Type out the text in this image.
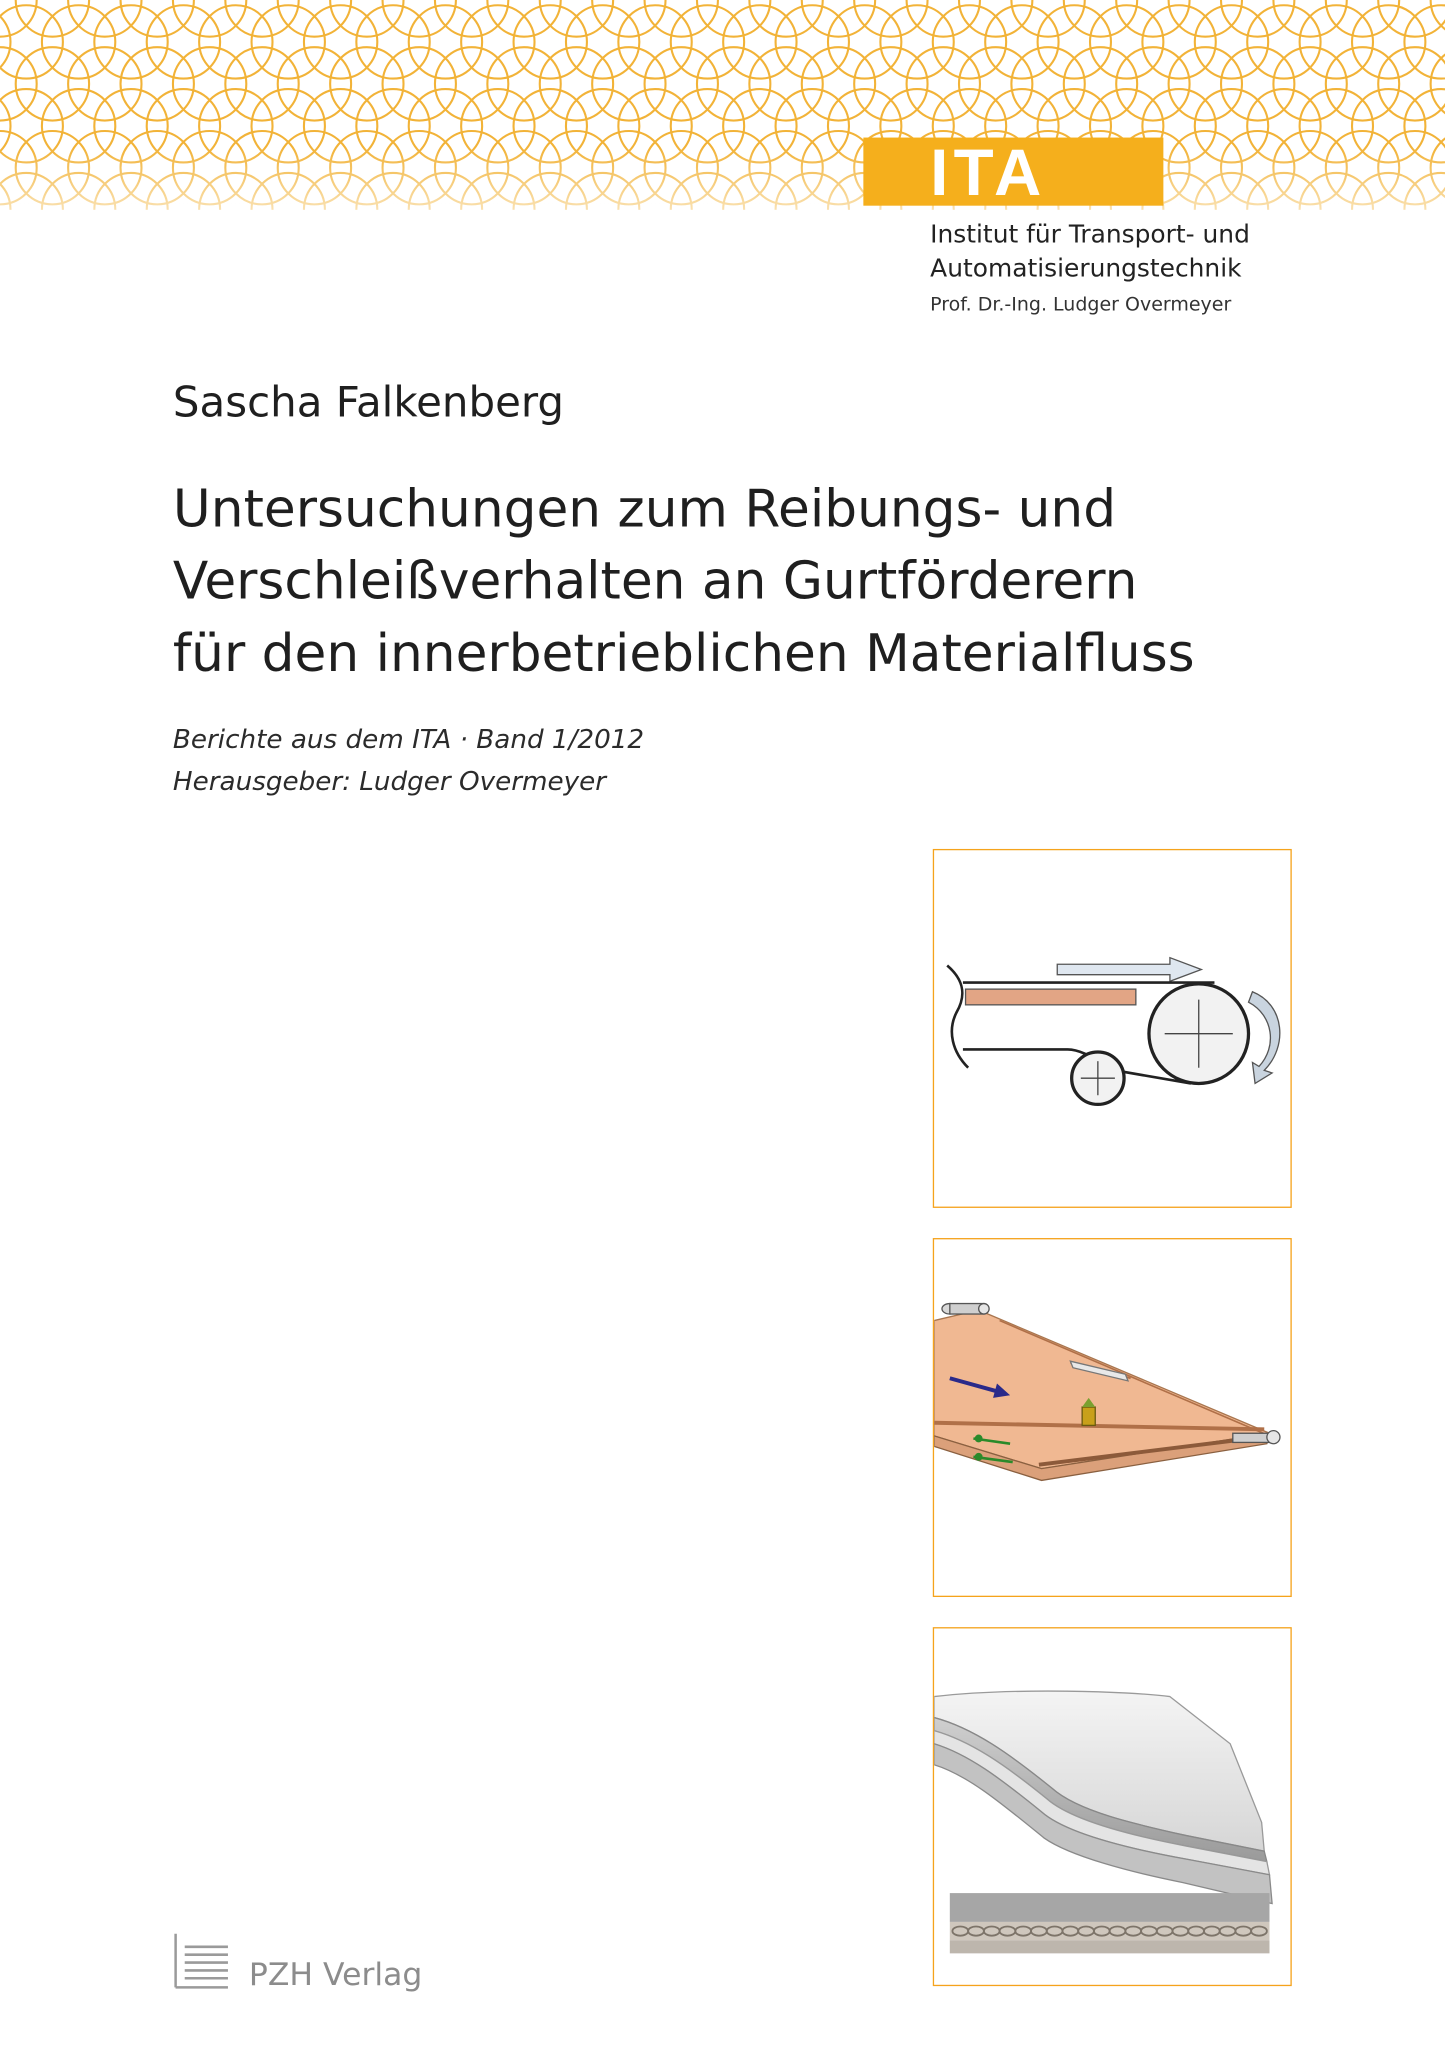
ITA
Institut für Transport- und
Automatisierungstechnik
Prof. Dr.-Ing. Ludger Overmeyer
Sascha Falkenberg
Untersuchungen zum Reibungs- und
Verschleißverhalten an Gurtförderern
für den innerbetrieblichen Materialfluss
Berichte aus dem ITA · Band 1/2012
Herausgeber: Ludger Overmeyer
PZH Verlag
